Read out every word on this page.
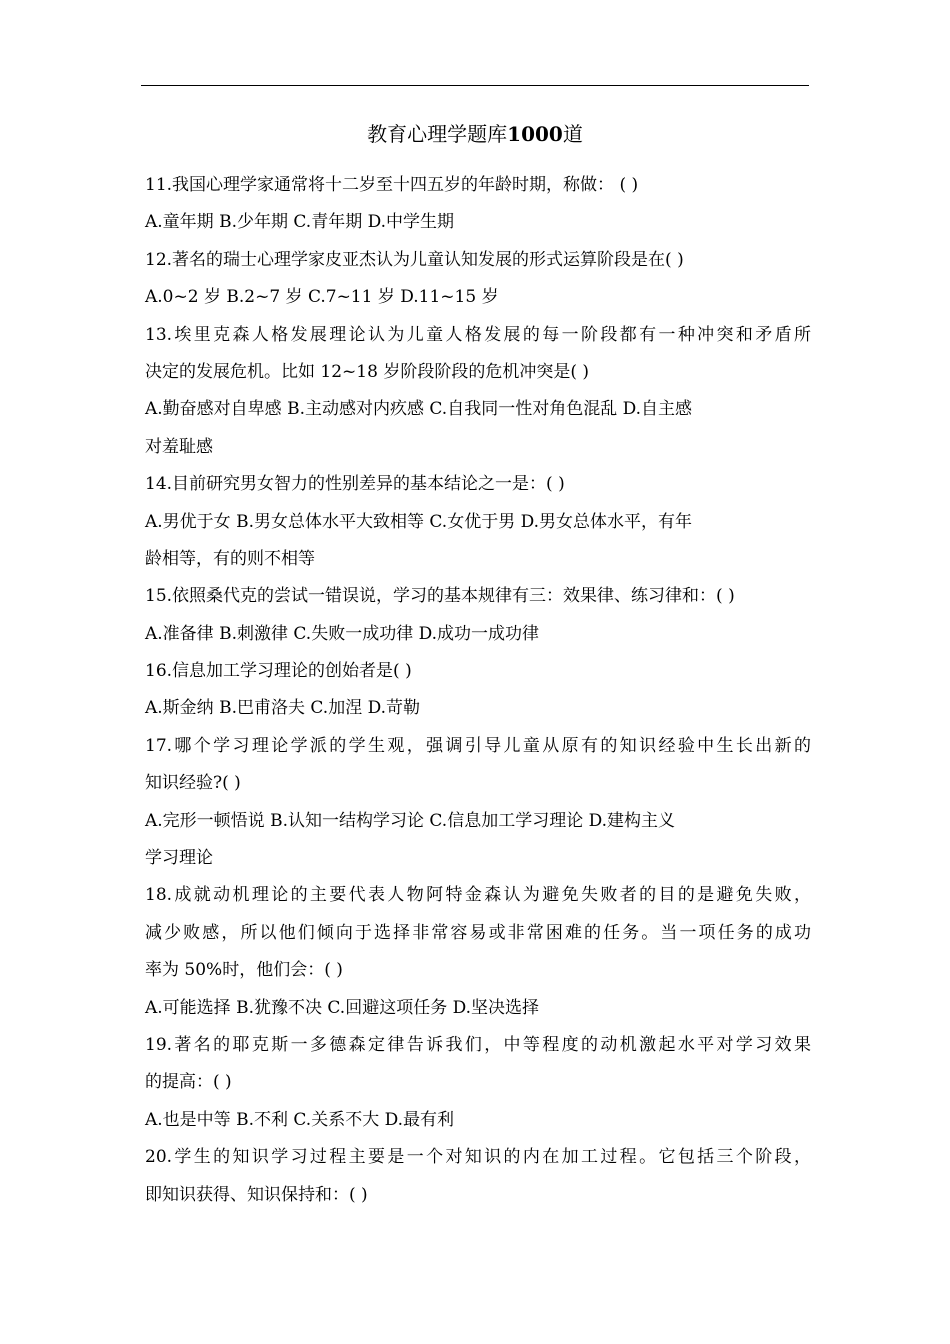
教育心理学题库1000道
11.我国心理学家通常将十二岁至十四五岁的年龄时期，称做： ( )
A.童年期 B.少年期 C.青年期 D.中学生期
12.著名的瑞士心理学家皮亚杰认为儿童认知发展的形式运算阶段是在( )
A.0~2 岁 B.2~7 岁 C.7~11 岁 D.11~15 岁
13.埃里克森人格发展理论认为儿童人格发展的每一阶段都有一种冲突和矛盾所
决定的发展危机。比如 12~18 岁阶段阶段的危机冲突是( )
A.勤奋感对自卑感 B.主动感对内疚感 C.自我同一性对角色混乱 D.自主感
对羞耻感
14.目前研究男女智力的性别差异的基本结论之一是：( )
A.男优于女 B.男女总体水平大致相等 C.女优于男 D.男女总体水平，有年
龄相等，有的则不相等
15.依照桑代克的尝试一错误说，学习的基本规律有三：效果律、练习律和：( )
A.准备律 B.刺激律 C.失败一成功律 D.成功一成功律
16.信息加工学习理论的创始者是( )
A.斯金纳 B.巴甫洛夫 C.加涅 D.苛勒
17.哪个学习理论学派的学生观，强调引导儿童从原有的知识经验中生长出新的
知识经验?( )
A.完形一顿悟说 B.认知一结构学习论 C.信息加工学习理论 D.建构主义
学习理论
18.成就动机理论的主要代表人物阿特金森认为避免失败者的目的是避免失败，
减少败感，所以他们倾向于选择非常容易或非常困难的任务。当一项任务的成功
率为 50%时，他们会：( )
A.可能选择 B.犹豫不决 C.回避这项任务 D.坚决选择
19.著名的耶克斯一多德森定律告诉我们，中等程度的动机激起水平对学习效果
的提高：( )
A.也是中等 B.不利 C.关系不大 D.最有利
20.学生的知识学习过程主要是一个对知识的内在加工过程。它包括三个阶段，
即知识获得、知识保持和：( )
